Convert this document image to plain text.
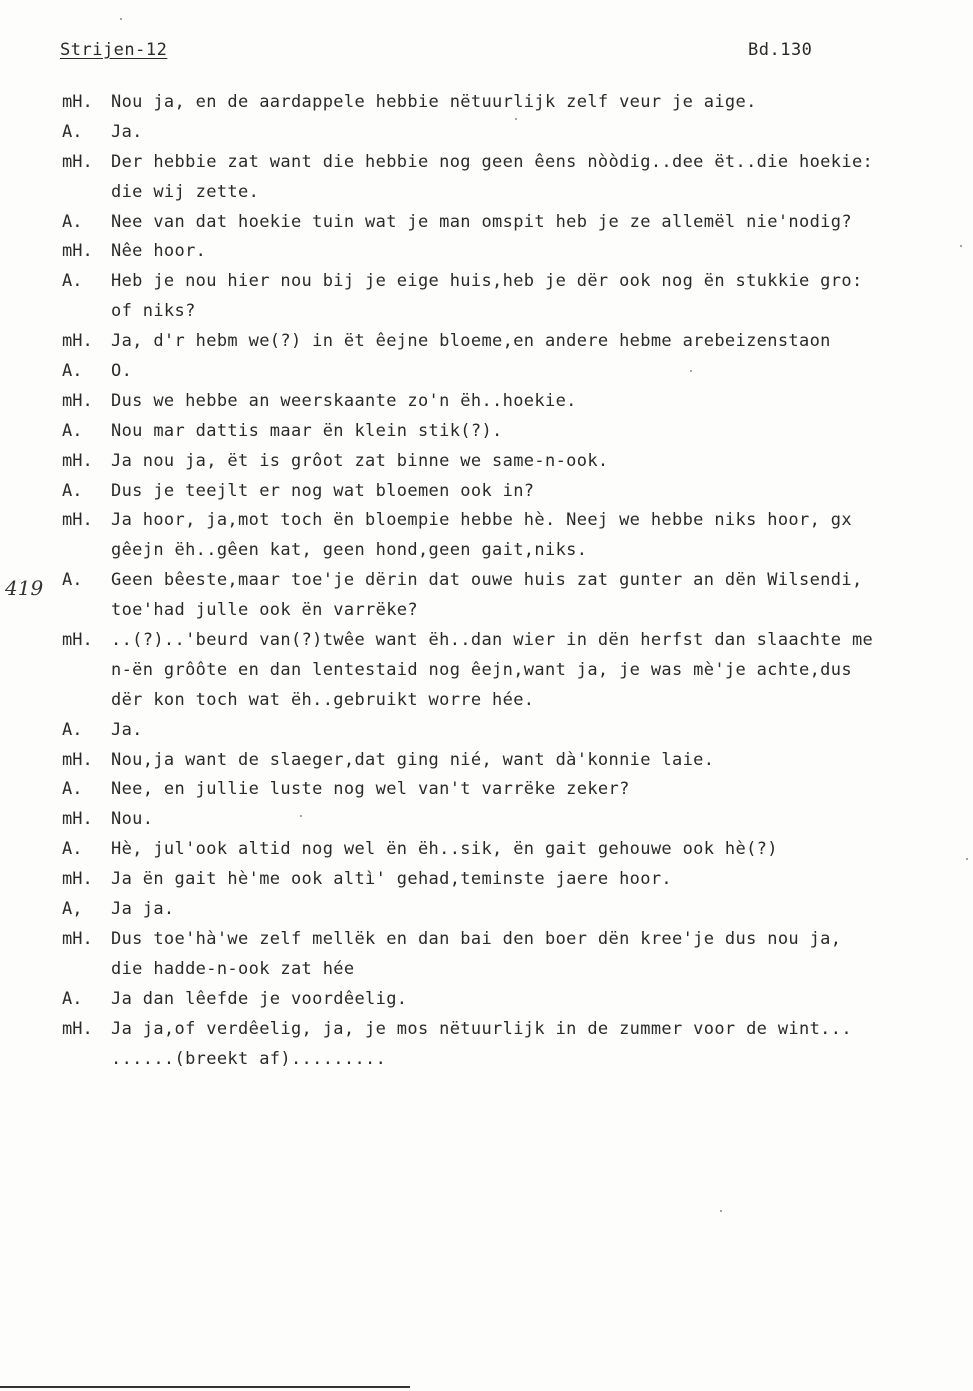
Strijen-12	Bd.130
419
mH.	Nou ja, en de aardappele hebbie nëtuurlijk zelf veur je aige.
A.	Ja.
mH.	Der hebbie zat want die hebbie nog geen êens nòòdig..dee ët..die hoekie:
die wij zette.
A.	Nee van dat hoekie tuin wat je man omspit heb je ze allemël nie'nodig?
mH.	Nêe hoor.
A.	Heb je nou hier nou bij je eige huis,heb je dër ook nog ën stukkie gro:
of niks?
mH.	Ja, d'r hebm we(?) in ët êejne bloeme,en andere hebme arebeizenstaon
A.	O.
mH.	Dus we hebbe an weerskaante zo'n ëh..hoekie.
A.	Nou mar dattis maar ën klein stik(?).
mH.	Ja nou ja, ët is grôot zat binne we same-n-ook.
A.	Dus je teejlt er nog wat bloemen ook in?
mH.	Ja hoor, ja,mot toch ën bloempie hebbe hè. Neej we hebbe niks hoor, gx
gêejn ëh..gêen kat, geen hond,geen gait,niks.
A.	Geen bêeste,maar toe'je dërin dat ouwe huis zat gunter an dën Wilsendi,
toe'had julle ook ën varrëke?
mH.	..(?)..'beurd van(?)twêe want ëh..dan wier in dën herfst dan slaachte me
n-ën grôôte en dan lentestaid nog êejn,want ja, je was mè'je achte,dus
dër kon toch wat ëh..gebruikt worre hée.
A.	Ja.
mH.	Nou,ja want de slaeger,dat ging nié, want dà'konnie laie.
A.	Nee, en jullie luste nog wel van't varrëke zeker?
mH.	Nou.
A.	Hè, jul'ook altid nog wel ën ëh..sik, ën gait gehouwe ook hè(?)
mH.	Ja ën gait hè'me ook altì' gehad,teminste jaere hoor.
A,	Ja ja.
mH.	Dus toe'hà'we zelf mellëk en dan bai den boer dën kree'je dus nou ja,
die hadde-n-ook zat hée
A.	Ja dan lêefde je voordêelig.
mH.	Ja ja,of verdêelig, ja, je mos nëtuurlijk in de zummer voor de wint...
......(breekt af).........
